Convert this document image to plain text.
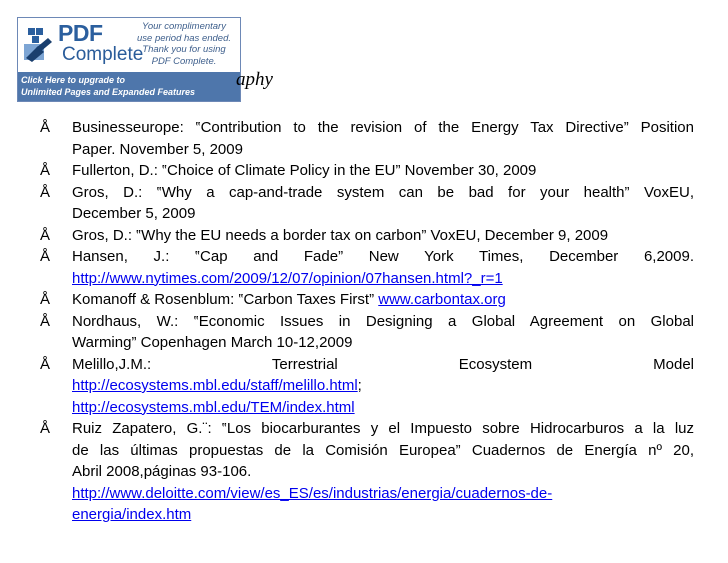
PDF
Complete
Your complimentary
use period has ended.
Thank you for using
PDF Complete.
Click Here to upgrade to
Unlimited Pages and Expanded Features
aphy
Å Businesseurope: ‟Contribution to the revision of the Energy Tax Directive” Position
Paper. November 5, 2009
Å Fullerton, D.: ‟Choice of Climate Policy in the EU” November 30, 2009
Å Gros, D.: ‟Why a cap-and-trade system can be bad for your health” VoxEU,
December 5, 2009
Å Gros, D.: ‟Why the EU needs a border tax on carbon” VoxEU, December 9, 2009
Å Hansen, J.: ‟Cap and Fade” New York Times, December 6,2009.
http://www.nytimes.com/2009/12/07/opinion/07hansen.html?_r=1
Å Komanoff & Rosenblum: ‟Carbon Taxes First” www.carbontax.org
Å Nordhaus, W.: ‟Economic Issues in Designing a Global Agreement on Global
Warming” Copenhagen March 10-12,2009
Å Melillo,J.M.: Terrestrial Ecosystem Model
http://ecosystems.mbl.edu/staff/melillo.html;
http://ecosystems.mbl.edu/TEM/index.html
Å Ruiz Zapatero, G.¨: ‟Los biocarburantes y el Impuesto sobre Hidrocarburos a la luz
de las últimas propuestas de la Comisión Europea” Cuadernos de Energía nº 20,
Abril 2008,páginas 93-106.
http://www.deloitte.com/view/es_ES/es/industrias/energia/cuadernos-de-
energia/index.htm
